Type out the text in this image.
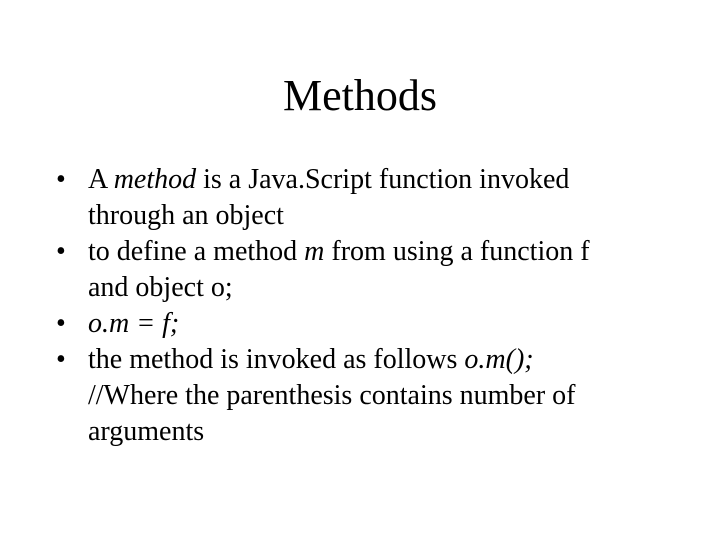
Methods
• A method is a Java.Script function invoked
through an object
• to define a method m from using a function f
and object o;
• o.m = f;
• the method is invoked as follows o.m();
//Where the parenthesis contains number of
arguments
